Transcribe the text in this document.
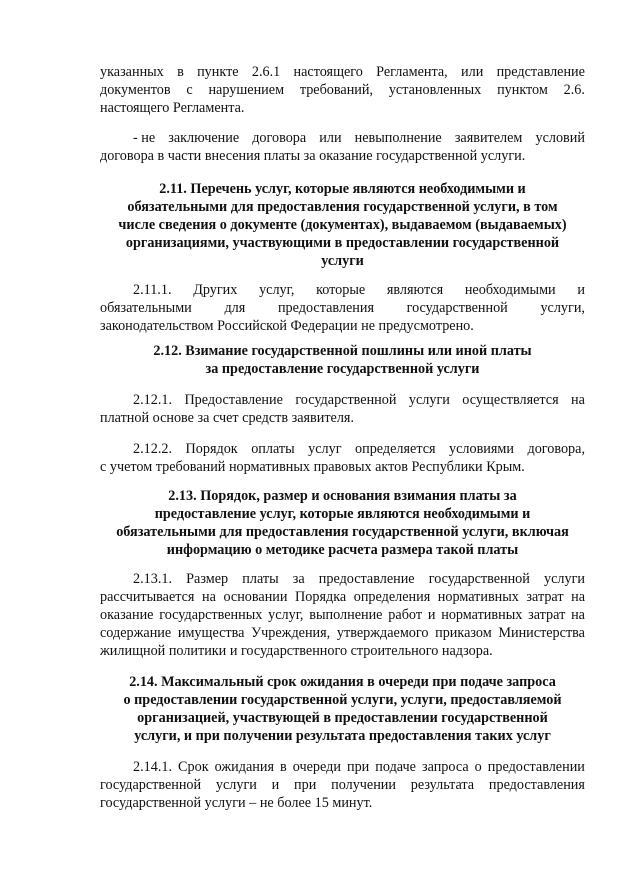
указанных в пункте 2.6.1 настоящего Регламента, или представление
документов с нарушением требований, установленных пунктом 2.6.
настоящего Регламента.
- не заключение договора или невыполнение заявителем условий
договора в части внесения платы за оказание государственной услуги.
2.11. Перечень услуг, которые являются необходимыми и
обязательными для предоставления государственной услуги, в том
числе сведения о документе (документах), выдаваемом (выдаваемых)
организациями, участвующими в предоставлении государственной
услуги
2.11.1. Других услуг, которые являются необходимыми и
обязательными для предоставления государственной услуги,
законодательством Российской Федерации не предусмотрено.
2.12. Взимание государственной пошлины или иной платы
за предоставление государственной услуги
2.12.1. Предоставление государственной услуги осуществляется на
платной основе за счет средств заявителя.
2.12.2. Порядок оплаты услуг определяется условиями договора,
с учетом требований нормативных правовых актов Республики Крым.
2.13. Порядок, размер и основания взимания платы за
предоставление услуг, которые являются необходимыми и
обязательными для предоставления государственной услуги, включая
информацию о методике расчета размера такой платы
2.13.1. Размер платы за предоставление государственной услуги
рассчитывается на основании Порядка определения нормативных затрат на
оказание государственных услуг, выполнение работ и нормативных затрат на
содержание имущества Учреждения, утверждаемого приказом Министерства
жилищной политики и государственного строительного надзора.
2.14. Максимальный срок ожидания в очереди при подаче запроса
о предоставлении государственной услуги, услуги, предоставляемой
организацией, участвующей в предоставлении государственной
услуги, и при получении результата предоставления таких услуг
2.14.1. Срок ожидания в очереди при подаче запроса о предоставлении
государственной услуги и при получении результата предоставления
государственной услуги – не более 15 минут.
